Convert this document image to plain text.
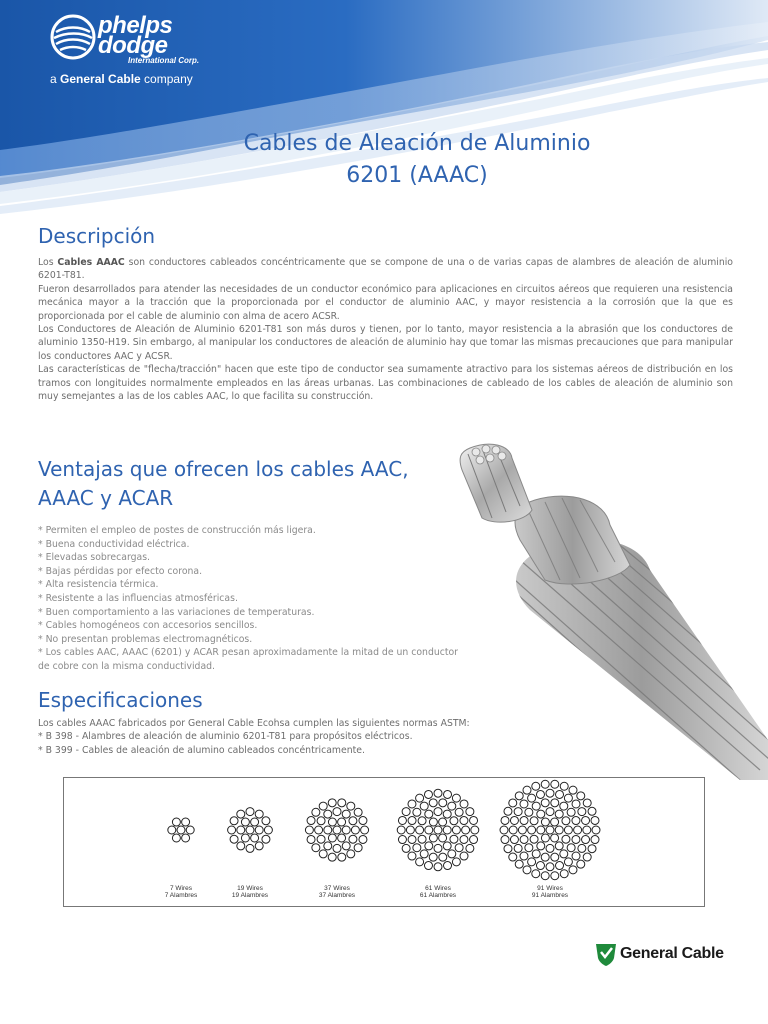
phelps
dodge
International Corp.
a General Cable company
Cables de Aleación de Aluminio
6201 (AAAC)
Descripción

Los Cables AAAC son conductores cableados concéntricamente que se compone de una o de varias capas de alambres de aleación de aluminio 6201-T81.

Fueron desarrollados para atender las necesidades de un conductor económico para aplicaciones en circuitos aéreos que requieren una resistencia mecánica mayor a la tracción que la proporcionada por el conductor de aluminio AAC, y mayor resistencia a la corrosión que la que es proporcionada por el cable de aluminio con alma de acero ACSR.

Los Conductores de Aleación de Aluminio 6201-T81 son más duros y tienen, por lo tanto, mayor resistencia a la abrasión que los conductores de aluminio 1350-H19. Sin embargo, al manipular los conductores de aleación de aluminio hay que tomar las mismas precauciones que para manipular los conductores AAC y ACSR.

Las características de "flecha/tracción" hacen que este tipo de conductor sea sumamente atractivo para los sistemas aéreos de distribución en los tramos con longituides normalmente empleados en las áreas urbanas. Las combinaciones de cableado de los cables de aleación de aluminio son muy semejantes a las de los cables AAC, lo que facilita su construcción.

Ventajas que ofrecen los cables AAC,
AAAC y ACAR
* Permiten el empleo de postes de construcción más ligera.
* Buena conductividad eléctrica.
* Elevadas sobrecargas.
* Bajas pérdidas por efecto corona.
* Alta resistencia térmica.
* Resistente a las influencias atmosféricas.
* Buen comportamiento a las variaciones de temperaturas.
* Cables homogéneos con accesorios sencillos.
* No presentan problemas electromagnéticos.
* Los cables AAC, AAAC (6201) y ACAR pesan aproximadamente la mitad de un conductor
de cobre con la misma conductividad.
Especificaciones
Los cables AAAC fabricados por General Cable Ecohsa cumplen las siguientes normas ASTM:
* B 398 - Alambres de aleación de aluminio 6201-T81 para propósitos eléctricos.
* B 399 - Cables de aleación de alumino cableados concéntricamente.
7 Wires
7 Alambres
19 Wires
19 Alambres
37 Wires
37 Alambres
61 Wires
61 Alambres
91 Wires
91 Alambres
General Cable
